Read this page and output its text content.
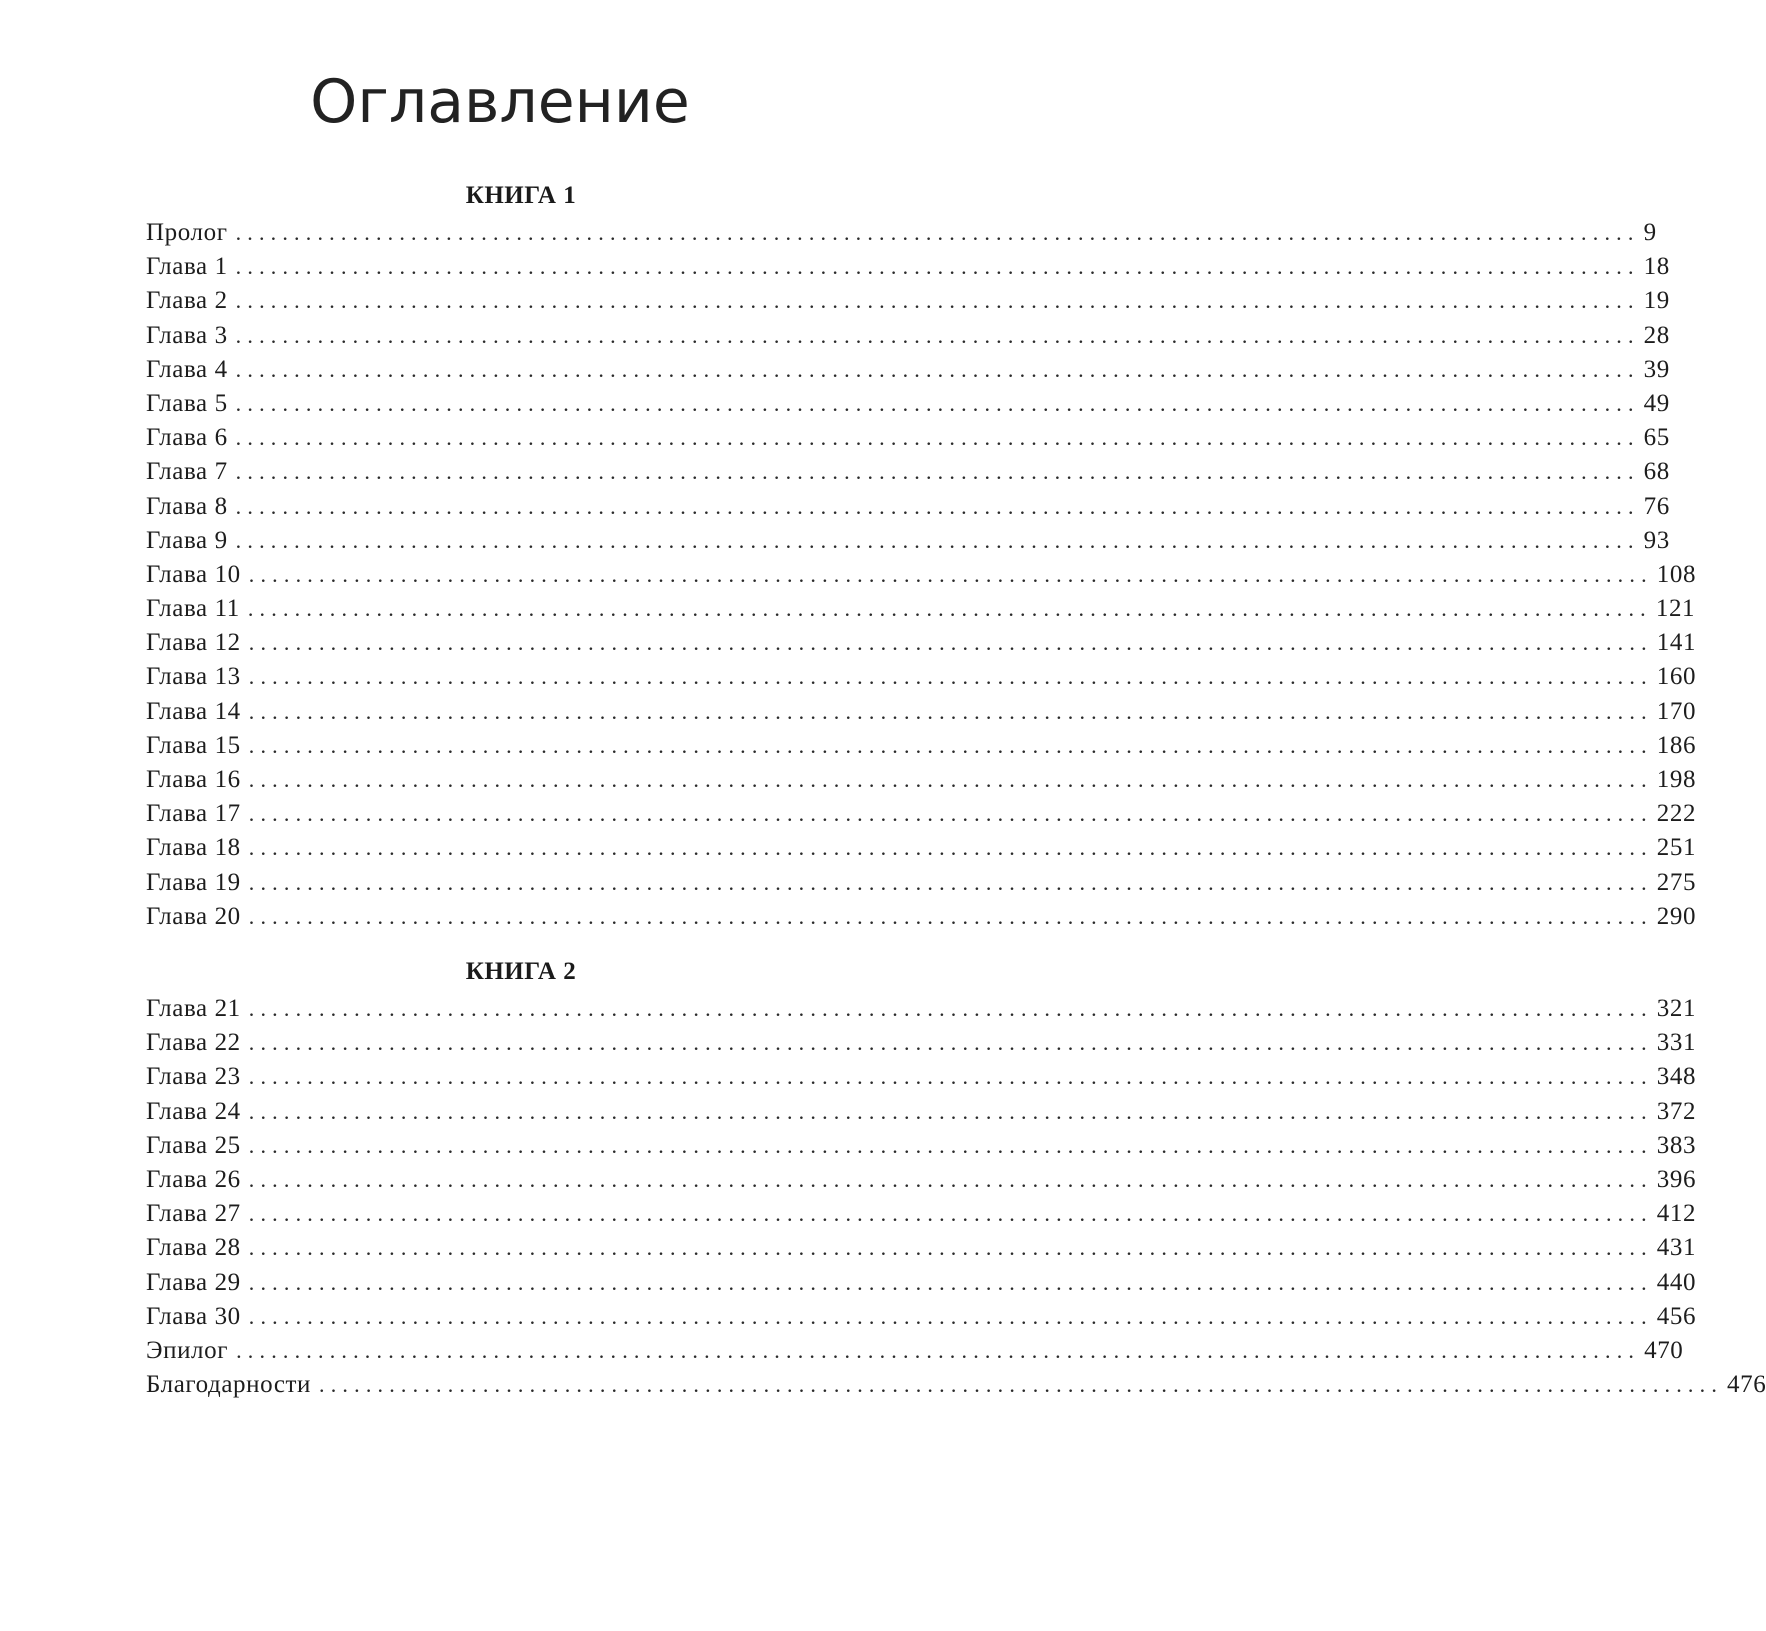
Оглавление
КНИГА 1
Пролог ........................................................................................................................ 9
Глава 1 ........................................................................................................................ 18
Глава 2 ........................................................................................................................ 19
Глава 3 ........................................................................................................................ 28
Глава 4 ........................................................................................................................ 39
Глава 5 ........................................................................................................................ 49
Глава 6 ........................................................................................................................ 65
Глава 7 ........................................................................................................................ 68
Глава 8 ........................................................................................................................ 76
Глава 9 ........................................................................................................................ 93
Глава 10 ........................................................................................................................ 108
Глава 11 ........................................................................................................................ 121
Глава 12 ........................................................................................................................ 141
Глава 13 ........................................................................................................................ 160
Глава 14 ........................................................................................................................ 170
Глава 15 ........................................................................................................................ 186
Глава 16 ........................................................................................................................ 198
Глава 17 ........................................................................................................................ 222
Глава 18 ........................................................................................................................ 251
Глава 19 ........................................................................................................................ 275
Глава 20 ........................................................................................................................ 290
КНИГА 2
Глава 21 ........................................................................................................................ 321
Глава 22 ........................................................................................................................ 331
Глава 23 ........................................................................................................................ 348
Глава 24 ........................................................................................................................ 372
Глава 25 ........................................................................................................................ 383
Глава 26 ........................................................................................................................ 396
Глава 27 ........................................................................................................................ 412
Глава 28 ........................................................................................................................ 431
Глава 29 ........................................................................................................................ 440
Глава 30 ........................................................................................................................ 456
Эпилог ........................................................................................................................ 470
Благодарности ........................................................................................................................ 476
